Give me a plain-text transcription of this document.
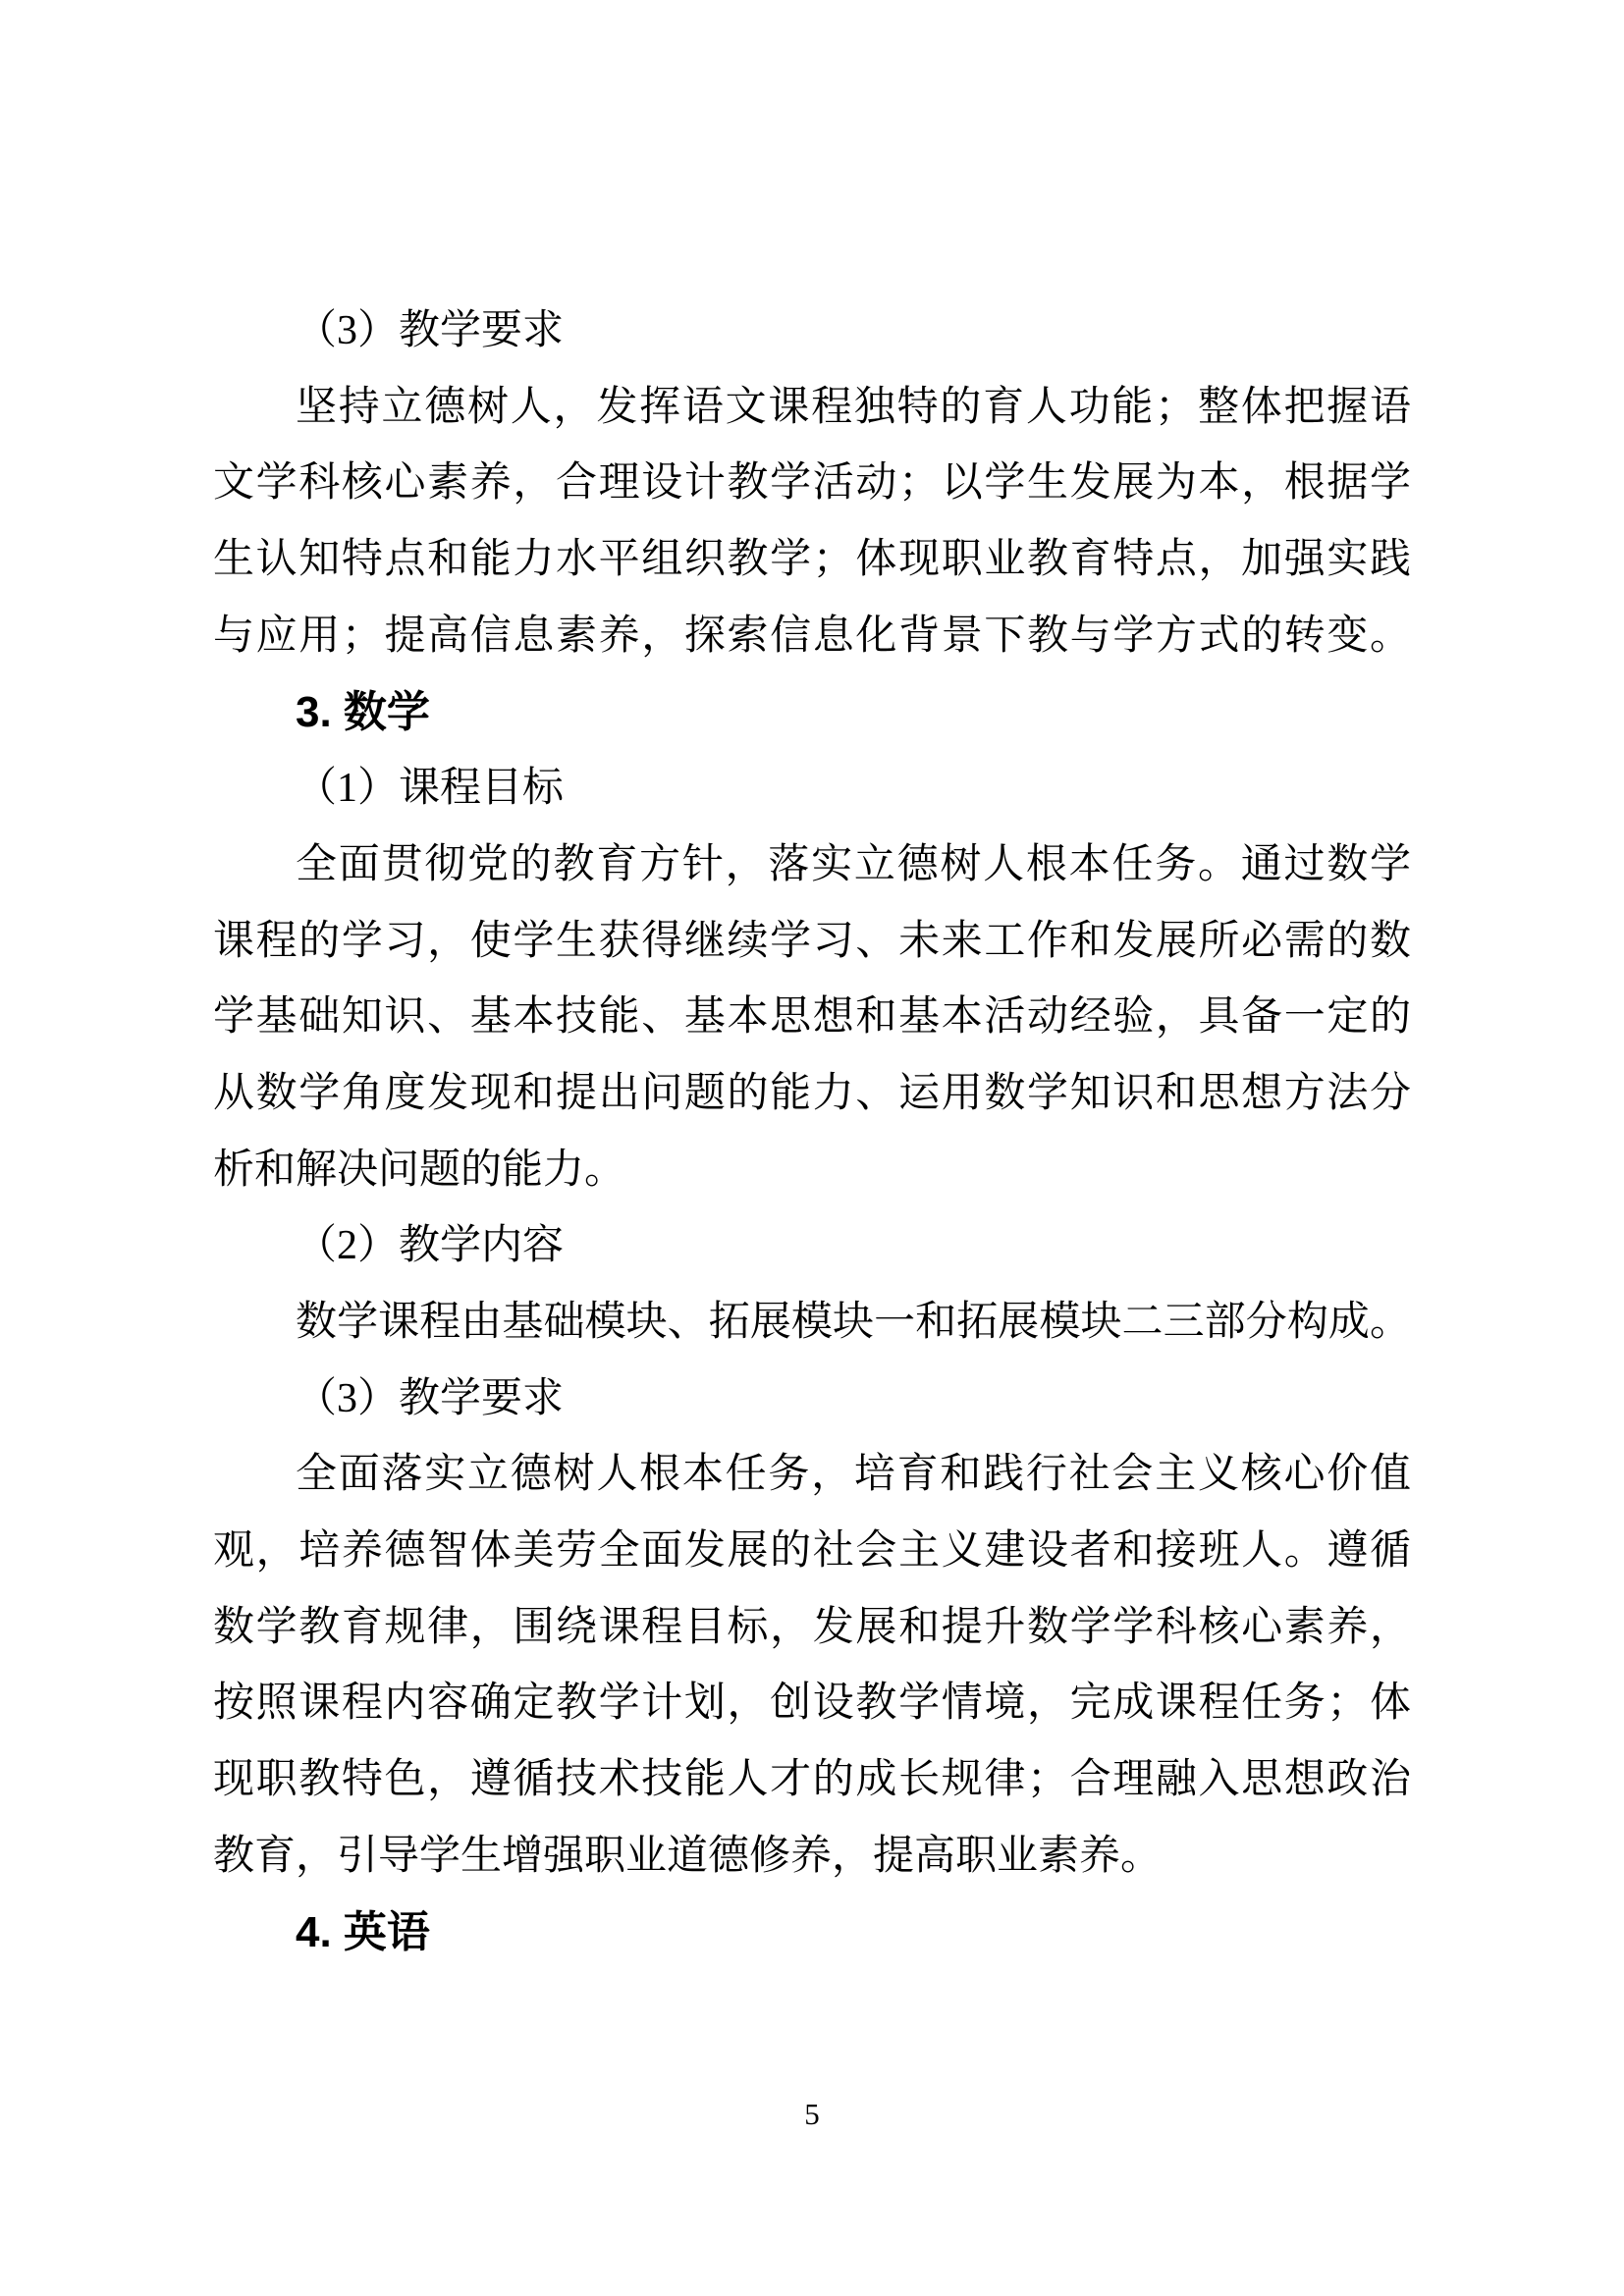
（3）教学要求
坚持立德树人，发挥语文课程独特的育人功能；整体把握语
文学科核心素养，合理设计教学活动；以学生发展为本，根据学
生认知特点和能力水平组织教学；体现职业教育特点，加强实践
与应用；提高信息素养，探索信息化背景下教与学方式的转变。
3. 数学
（1）课程目标
全面贯彻党的教育方针，落实立德树人根本任务。通过数学
课程的学习，使学生获得继续学习、未来工作和发展所必需的数
学基础知识、基本技能、基本思想和基本活动经验，具备一定的
从数学角度发现和提出问题的能力、运用数学知识和思想方法分
析和解决问题的能力。
（2）教学内容
数学课程由基础模块、拓展模块一和拓展模块二三部分构成。
（3）教学要求
全面落实立德树人根本任务，培育和践行社会主义核心价值
观，培养德智体美劳全面发展的社会主义建设者和接班人。遵循
数学教育规律，围绕课程目标，发展和提升数学学科核心素养，
按照课程内容确定教学计划，创设教学情境，完成课程任务；体
现职教特色，遵循技术技能人才的成长规律；合理融入思想政治
教育，引导学生增强职业道德修养，提高职业素养。
4. 英语
5
